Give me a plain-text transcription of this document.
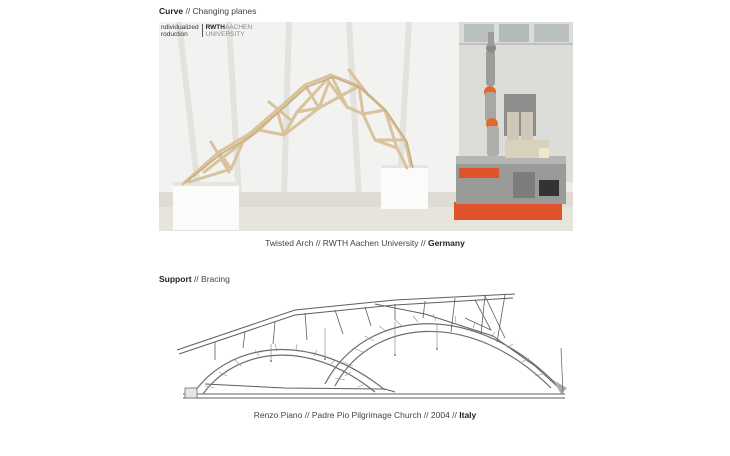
Curve // Changing planes
ndividualized
roductionRWTHAACHEN
UNIVERSITY
Twisted Arch // RWTH Aachen University // Germany
Support // Bracing
Renzo Piano // Padre Pio Pilgrimage Church // 2004 // Italy
